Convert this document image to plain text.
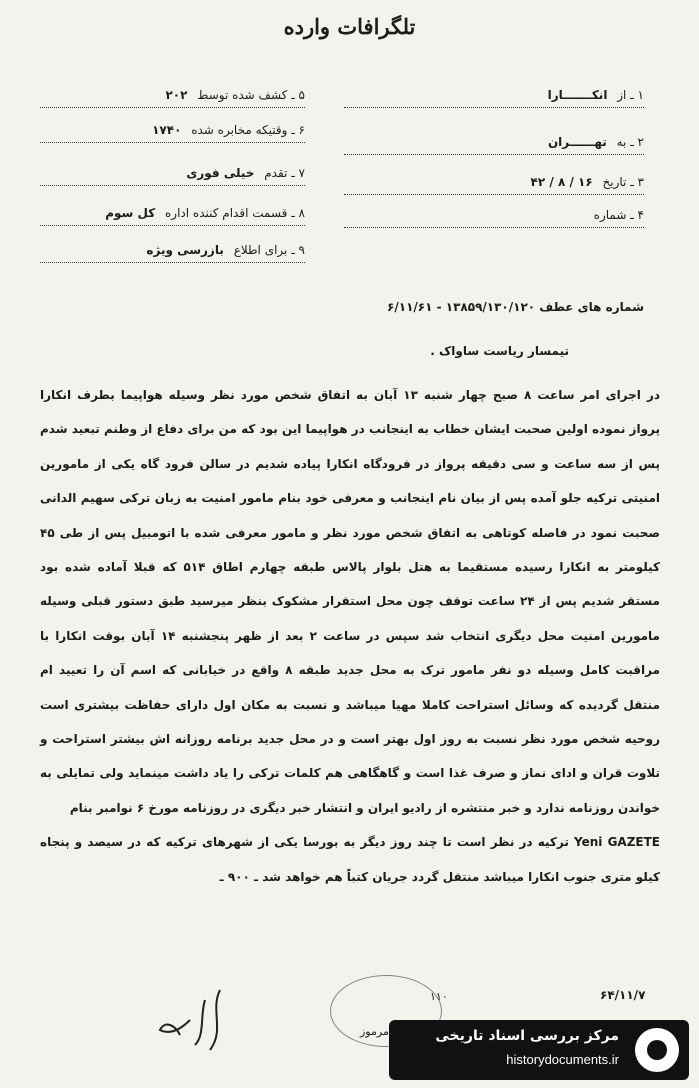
تلگرافات وارده
۱ ـ از انکـــــــارا
۲ ـ به تهــــــران
۳ ـ تاریخ ۱۶ / ۸ / ۴۲
۴ ـ شماره
۵ ـ کشف شده توسط ۲۰۲
۶ ـ وقتیکه مخابره شده ۱۷۴۰
۷ ـ تقدم خیلی فوری
۸ ـ قسمت اقدام کننده اداره کل سوم
۹ ـ برای اطلاع بازرسی ویژه
شماره های عطف ۱۳۸۵۹/۱۳۰/۱۲۰ - ۶/۱۱/۶۱
تیمسار ریاست ساواک .

در اجرای امر ساعت ۸ صبح چهار شنبه ۱۳ آبان به اتفاق شخص مورد نظر وسیله هواپیما بطرف انکارا پرواز نموده اولین صحبت ایشان خطاب به اینجانب در هواپیما این بود که من برای دفاع از وطنم تبعید شدم پس از سه ساعت و سی دقیقه پرواز در فرودگاه انکارا پیاده شدیم در سالن فرود گاه یکی از مامورین امنیتی ترکیه جلو آمده پس از بیان نام اینجانب و معرفی خود بنام مامور امنیت به زبان ترکی سهیم الدانی صحبت نمود در فاصله کوتاهی به اتفاق شخص مورد نظر و مامور معرفی شده با اتومبیل پس از طی ۴۵ کیلومتر به انکارا رسیده مستقیما به هتل بلوار پالاس طبقه چهارم اطاق ۵۱۴ که قبلا آماده شده بود مستقر شدیم پس از ۲۴ ساعت توقف چون محل استقرار مشکوک بنظر میرسید طبق دستور قبلی وسیله مامورین امنیت محل دیگری انتخاب شد سپس در ساعت ۲ بعد از ظهر پنجشنبه ۱۴ آبان بوقت انکارا با مراقبت کامل وسیله دو نفر مامور ترک به محل جدید طبقه ۸ واقع در خیابانی که اسم آن را تعیید ام منتقل گردیده که وسائل استراحت کاملا مهیا میباشد و نسبت به مکان اول دارای حفاظت بیشتری است روحیه شخص مورد نظر نسبت به روز اول بهتر است و در محل جدید برنامه روزانه اش بیشتر استراحت و تلاوت قران و ادای نماز و صرف غذا است و گاهگاهی هم کلمات ترکی را یاد داشت مینماید ولی تمایلی به خواندن روزنامه ندارد و خبر منتشره از رادیو ایران و انتشار خبر دیگری در روزنامه مورخ ۶ نوامبر بنام

Yeni GAZETE ترکیه در نظر است تا چند روز دیگر به بورسا یکی از شهرهای ترکیه که در سیصد و پنجاه کیلو متری جنوب انکارا میباشد منتقل گردد جریان کتباًً هم خواهد شد ـ ۹۰۰ ـ

مرموز
۱۱۰	۶۴/۱۱/۷
مرکز بررسی اسناد تاریخی
historydocuments.ir
